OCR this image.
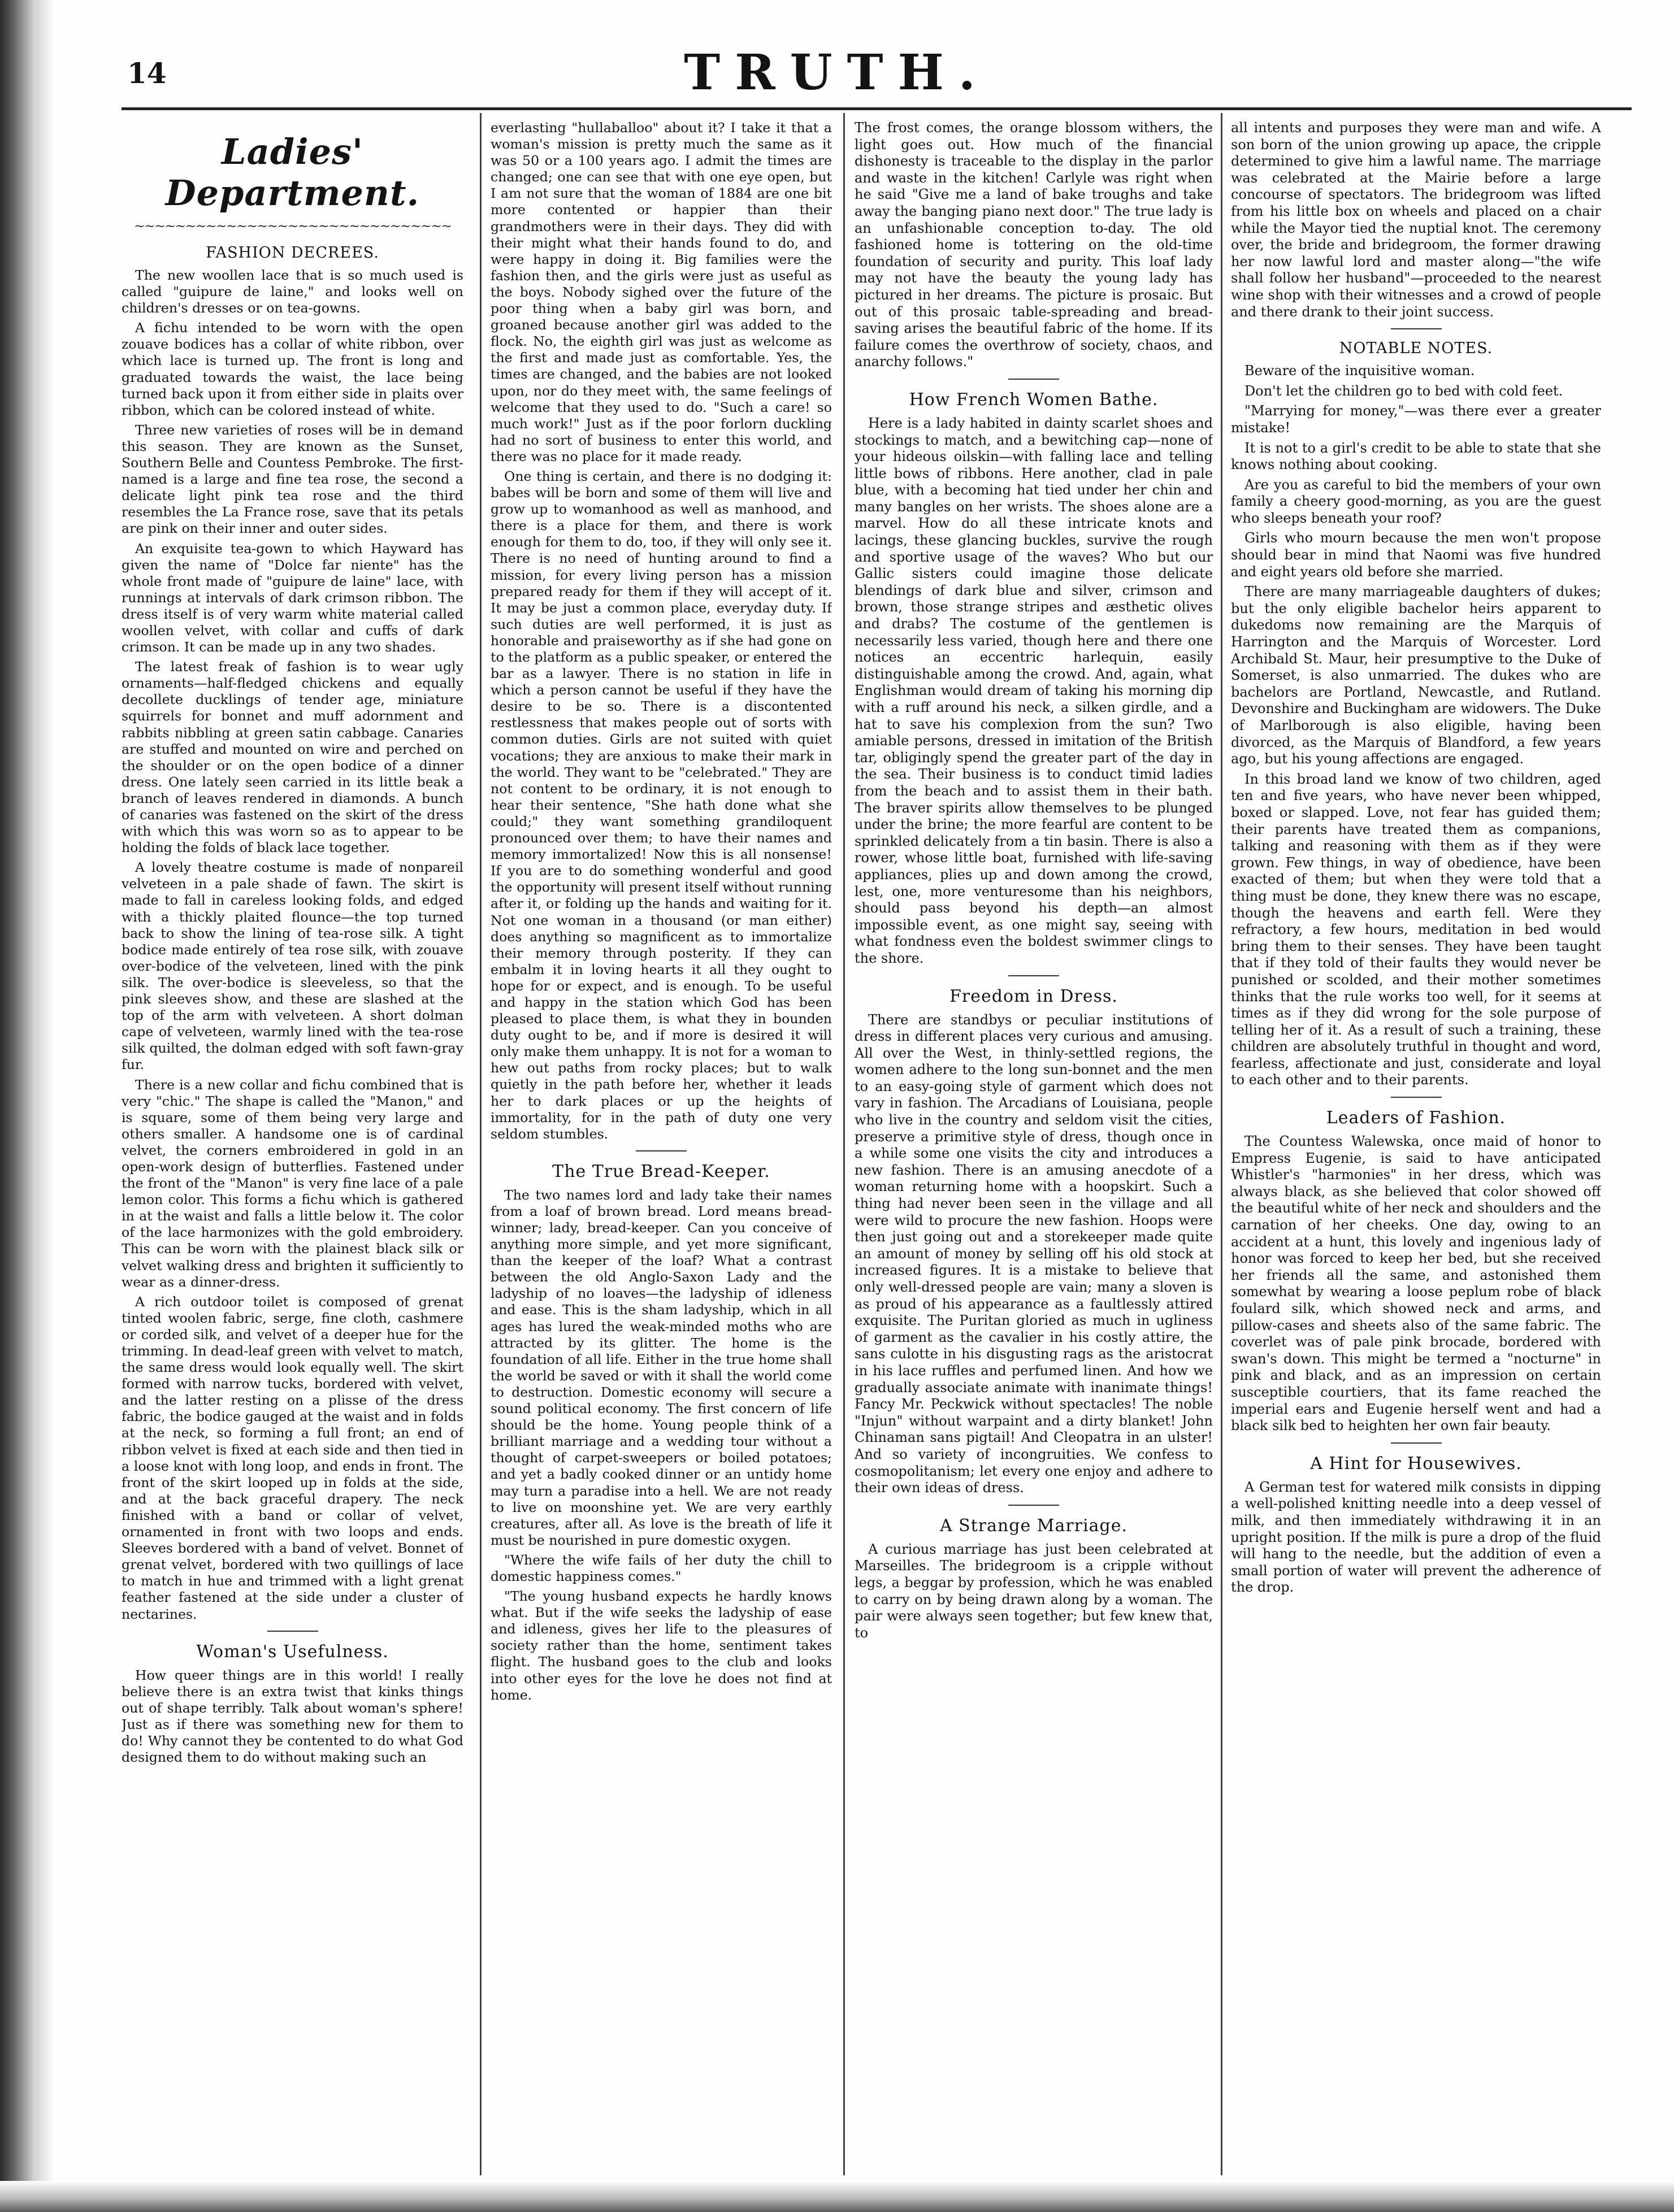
14	TRUTH.
Ladies' Department.
~~~~~~~~~~~~~~~~~~~~~~~~~~~~~~~
FASHION DECREES.

The new woollen lace that is so much used is called "guipure de laine," and looks well on children's dresses or on tea-gowns.

A fichu intended to be worn with the open zouave bodices has a collar of white ribbon, over which lace is turned up. The front is long and graduated towards the waist, the lace being turned back upon it from either side in plaits over ribbon, which can be colored instead of white.

Three new varieties of roses will be in demand this season. They are known as the Sunset, Southern Belle and Countess Pembroke. The first-named is a large and fine tea rose, the second a delicate light pink tea rose and the third resembles the La France rose, save that its petals are pink on their inner and outer sides.

An exquisite tea-gown to which Hayward has given the name of "Dolce far niente" has the whole front made of "guipure de laine" lace, with runnings at intervals of dark crimson ribbon. The dress itself is of very warm white material called woollen velvet, with collar and cuffs of dark crimson. It can be made up in any two shades.

The latest freak of fashion is to wear ugly ornaments—half-fledged chickens and equally decollete ducklings of tender age, miniature squirrels for bonnet and muff adornment and rabbits nibbling at green satin cabbage. Canaries are stuffed and mounted on wire and perched on the shoulder or on the open bodice of a dinner dress. One lately seen carried in its little beak a branch of leaves rendered in diamonds. A bunch of canaries was fastened on the skirt of the dress with which this was worn so as to appear to be holding the folds of black lace together.

A lovely theatre costume is made of nonpareil velveteen in a pale shade of fawn. The skirt is made to fall in careless looking folds, and edged with a thickly plaited flounce—the top turned back to show the lining of tea-rose silk. A tight bodice made entirely of tea rose silk, with zouave over-bodice of the velveteen, lined with the pink silk. The over-bodice is sleeveless, so that the pink sleeves show, and these are slashed at the top of the arm with velveteen. A short dolman cape of velveteen, warmly lined with the tea-rose silk quilted, the dolman edged with soft fawn-gray fur.

There is a new collar and fichu combined that is very "chic." The shape is called the "Manon," and is square, some of them being very large and others smaller. A handsome one is of cardinal velvet, the corners embroidered in gold in an open-work design of butterflies. Fastened under the front of the "Manon" is very fine lace of a pale lemon color. This forms a fichu which is gathered in at the waist and falls a little below it. The color of the lace harmonizes with the gold embroidery. This can be worn with the plainest black silk or velvet walking dress and brighten it sufficiently to wear as a dinner-dress.

A rich outdoor toilet is composed of grenat tinted woolen fabric, serge, fine cloth, cashmere or corded silk, and velvet of a deeper hue for the trimming. In dead-leaf green with velvet to match, the same dress would look equally well. The skirt formed with narrow tucks, bordered with velvet, and the latter resting on a plisse of the dress fabric, the bodice gauged at the waist and in folds at the neck, so forming a full front; an end of ribbon velvet is fixed at each side and then tied in a loose knot with long loop, and ends in front. The front of the skirt looped up in folds at the side, and at the back graceful drapery. The neck finished with a band or collar of velvet, ornamented in front with two loops and ends. Sleeves bordered with a band of velvet. Bonnet of grenat velvet, bordered with two quillings of lace to match in hue and trimmed with a light grenat feather fastened at the side under a cluster of nectarines.

Woman's Usefulness.

How queer things are in this world! I really believe there is an extra twist that kinks things out of shape terribly. Talk about woman's sphere! Just as if there was something new for them to do! Why cannot they be contented to do what God designed them to do without making such an

everlasting "hullaballoo" about it? I take it that a woman's mission is pretty much the same as it was 50 or a 100 years ago. I admit the times are changed; one can see that with one eye open, but I am not sure that the woman of 1884 are one bit more contented or happier than their grandmothers were in their days. They did with their might what their hands found to do, and were happy in doing it. Big families were the fashion then, and the girls were just as useful as the boys. Nobody sighed over the future of the poor thing when a baby girl was born, and groaned because another girl was added to the flock. No, the eighth girl was just as welcome as the first and made just as comfortable. Yes, the times are changed, and the babies are not looked upon, nor do they meet with, the same feelings of welcome that they used to do. "Such a care! so much work!" Just as if the poor forlorn duckling had no sort of business to enter this world, and there was no place for it made ready.

One thing is certain, and there is no dodging it: babes will be born and some of them will live and grow up to womanhood as well as manhood, and there is a place for them, and there is work enough for them to do, too, if they will only see it. There is no need of hunting around to find a mission, for every living person has a mission prepared ready for them if they will accept of it. It may be just a common place, everyday duty. If such duties are well performed, it is just as honorable and praiseworthy as if she had gone on to the platform as a public speaker, or entered the bar as a lawyer. There is no station in life in which a person cannot be useful if they have the desire to be so. There is a discontented restlessness that makes people out of sorts with common duties. Girls are not suited with quiet vocations; they are anxious to make their mark in the world. They want to be "celebrated." They are not content to be ordinary, it is not enough to hear their sentence, "She hath done what she could;" they want something grandiloquent pronounced over them; to have their names and memory immortalized! Now this is all nonsense! If you are to do something wonderful and good the opportunity will present itself without running after it, or folding up the hands and waiting for it. Not one woman in a thousand (or man either) does anything so magnificent as to immortalize their memory through posterity. If they can embalm it in loving hearts it all they ought to hope for or expect, and is enough. To be useful and happy in the station which God has been pleased to place them, is what they in bounden duty ought to be, and if more is desired it will only make them unhappy. It is not for a woman to hew out paths from rocky places; but to walk quietly in the path before her, whether it leads her to dark places or up the heights of immortality, for in the path of duty one very seldom stumbles.

The True Bread-Keeper.

The two names lord and lady take their names from a loaf of brown bread. Lord means bread-winner; lady, bread-keeper. Can you conceive of anything more simple, and yet more significant, than the keeper of the loaf? What a contrast between the old Anglo-Saxon Lady and the ladyship of no loaves—the ladyship of idleness and ease. This is the sham ladyship, which in all ages has lured the weak-minded moths who are attracted by its glitter. The home is the foundation of all life. Either in the true home shall the world be saved or with it shall the world come to destruction. Domestic economy will secure a sound political economy. The first concern of life should be the home. Young people think of a brilliant marriage and a wedding tour without a thought of carpet-sweepers or boiled potatoes; and yet a badly cooked dinner or an untidy home may turn a paradise into a hell. We are not ready to live on moonshine yet. We are very earthly creatures, after all. As love is the breath of life it must be nourished in pure domestic oxygen.

"Where the wife fails of her duty the chill to domestic happiness comes."

"The young husband expects he hardly knows what. But if the wife seeks the ladyship of ease and idleness, gives her life to the pleasures of society rather than the home, sentiment takes flight. The husband goes to the club and looks into other eyes for the love he does not find at home.

The frost comes, the orange blossom withers, the light goes out. How much of the financial dishonesty is traceable to the display in the parlor and waste in the kitchen! Carlyle was right when he said "Give me a land of bake troughs and take away the banging piano next door." The true lady is an unfashionable conception to-day. The old fashioned home is tottering on the old-time foundation of security and purity. This loaf lady may not have the beauty the young lady has pictured in her dreams. The picture is prosaic. But out of this prosaic table-spreading and bread-saving arises the beautiful fabric of the home. If its failure comes the overthrow of society, chaos, and anarchy follows."

How French Women Bathe.

Here is a lady habited in dainty scarlet shoes and stockings to match, and a bewitching cap—none of your hideous oilskin—with falling lace and telling little bows of ribbons. Here another, clad in pale blue, with a becoming hat tied under her chin and many bangles on her wrists. The shoes alone are a marvel. How do all these intricate knots and lacings, these glancing buckles, survive the rough and sportive usage of the waves? Who but our Gallic sisters could imagine those delicate blendings of dark blue and silver, crimson and brown, those strange stripes and æsthetic olives and drabs? The costume of the gentlemen is necessarily less varied, though here and there one notices an eccentric harlequin, easily distinguishable among the crowd. And, again, what Englishman would dream of taking his morning dip with a ruff around his neck, a silken girdle, and a hat to save his complexion from the sun? Two amiable persons, dressed in imitation of the British tar, obligingly spend the greater part of the day in the sea. Their business is to conduct timid ladies from the beach and to assist them in their bath. The braver spirits allow themselves to be plunged under the brine; the more fearful are content to be sprinkled delicately from a tin basin. There is also a rower, whose little boat, furnished with life-saving appliances, plies up and down among the crowd, lest, one, more venturesome than his neighbors, should pass beyond his depth—an almost impossible event, as one might say, seeing with what fondness even the boldest swimmer clings to the shore.

Freedom in Dress.

There are standbys or peculiar institutions of dress in different places very curious and amusing. All over the West, in thinly-settled regions, the women adhere to the long sun-bonnet and the men to an easy-going style of garment which does not vary in fashion. The Arcadians of Louisiana, people who live in the country and seldom visit the cities, preserve a primitive style of dress, though once in a while some one visits the city and introduces a new fashion. There is an amusing anecdote of a woman returning home with a hoopskirt. Such a thing had never been seen in the village and all were wild to procure the new fashion. Hoops were then just going out and a storekeeper made quite an amount of money by selling off his old stock at increased figures. It is a mistake to believe that only well-dressed people are vain; many a sloven is as proud of his appearance as a faultlessly attired exquisite. The Puritan gloried as much in ugliness of garment as the cavalier in his costly attire, the sans culotte in his disgusting rags as the aristocrat in his lace ruffles and perfumed linen. And how we gradually associate animate with inanimate things! Fancy Mr. Peckwick without spectacles! The noble "Injun" without warpaint and a dirty blanket! John Chinaman sans pigtail! And Cleopatra in an ulster! And so variety of incongruities. We confess to cosmopolitanism; let every one enjoy and adhere to their own ideas of dress.

A Strange Marriage.

A curious marriage has just been celebrated at Marseilles. The bridegroom is a cripple without legs, a beggar by profession, which he was enabled to carry on by being drawn along by a woman. The pair were always seen together; but few knew that, to

all intents and purposes they were man and wife. A son born of the union growing up apace, the cripple determined to give him a lawful name. The marriage was celebrated at the Mairie before a large concourse of spectators. The bridegroom was lifted from his little box on wheels and placed on a chair while the Mayor tied the nuptial knot. The ceremony over, the bride and bridegroom, the former drawing her now lawful lord and master along—"the wife shall follow her husband"—proceeded to the nearest wine shop with their witnesses and a crowd of people and there drank to their joint success.

NOTABLE NOTES.

Beware of the inquisitive woman.

Don't let the children go to bed with cold feet.

"Marrying for money,"—was there ever a greater mistake!

It is not to a girl's credit to be able to state that she knows nothing about cooking.

Are you as careful to bid the members of your own family a cheery good-morning, as you are the guest who sleeps beneath your roof?

Girls who mourn because the men won't propose should bear in mind that Naomi was five hundred and eight years old before she married.

There are many marriageable daughters of dukes; but the only eligible bachelor heirs apparent to dukedoms now remaining are the Marquis of Harrington and the Marquis of Worcester. Lord Archibald St. Maur, heir presumptive to the Duke of Somerset, is also unmarried. The dukes who are bachelors are Portland, Newcastle, and Rutland. Devonshire and Buckingham are widowers. The Duke of Marlborough is also eligible, having been divorced, as the Marquis of Blandford, a few years ago, but his young affections are engaged.

In this broad land we know of two children, aged ten and five years, who have never been whipped, boxed or slapped. Love, not fear has guided them; their parents have treated them as companions, talking and reasoning with them as if they were grown. Few things, in way of obedience, have been exacted of them; but when they were told that a thing must be done, they knew there was no escape, though the heavens and earth fell. Were they refractory, a few hours, meditation in bed would bring them to their senses. They have been taught that if they told of their faults they would never be punished or scolded, and their mother sometimes thinks that the rule works too well, for it seems at times as if they did wrong for the sole purpose of telling her of it. As a result of such a training, these children are absolutely truthful in thought and word, fearless, affectionate and just, considerate and loyal to each other and to their parents.

Leaders of Fashion.

The Countess Walewska, once maid of honor to Empress Eugenie, is said to have anticipated Whistler's "harmonies" in her dress, which was always black, as she believed that color showed off the beautiful white of her neck and shoulders and the carnation of her cheeks. One day, owing to an accident at a hunt, this lovely and ingenious lady of honor was forced to keep her bed, but she received her friends all the same, and astonished them somewhat by wearing a loose peplum robe of black foulard silk, which showed neck and arms, and pillow-cases and sheets also of the same fabric. The coverlet was of pale pink brocade, bordered with swan's down. This might be termed a "nocturne" in pink and black, and as an impression on certain susceptible courtiers, that its fame reached the imperial ears and Eugenie herself went and had a black silk bed to heighten her own fair beauty.

A Hint for Housewives.

A German test for watered milk consists in dipping a well-polished knitting needle into a deep vessel of milk, and then immediately withdrawing it in an upright position. If the milk is pure a drop of the fluid will hang to the needle, but the addition of even a small portion of water will prevent the adherence of the drop.
